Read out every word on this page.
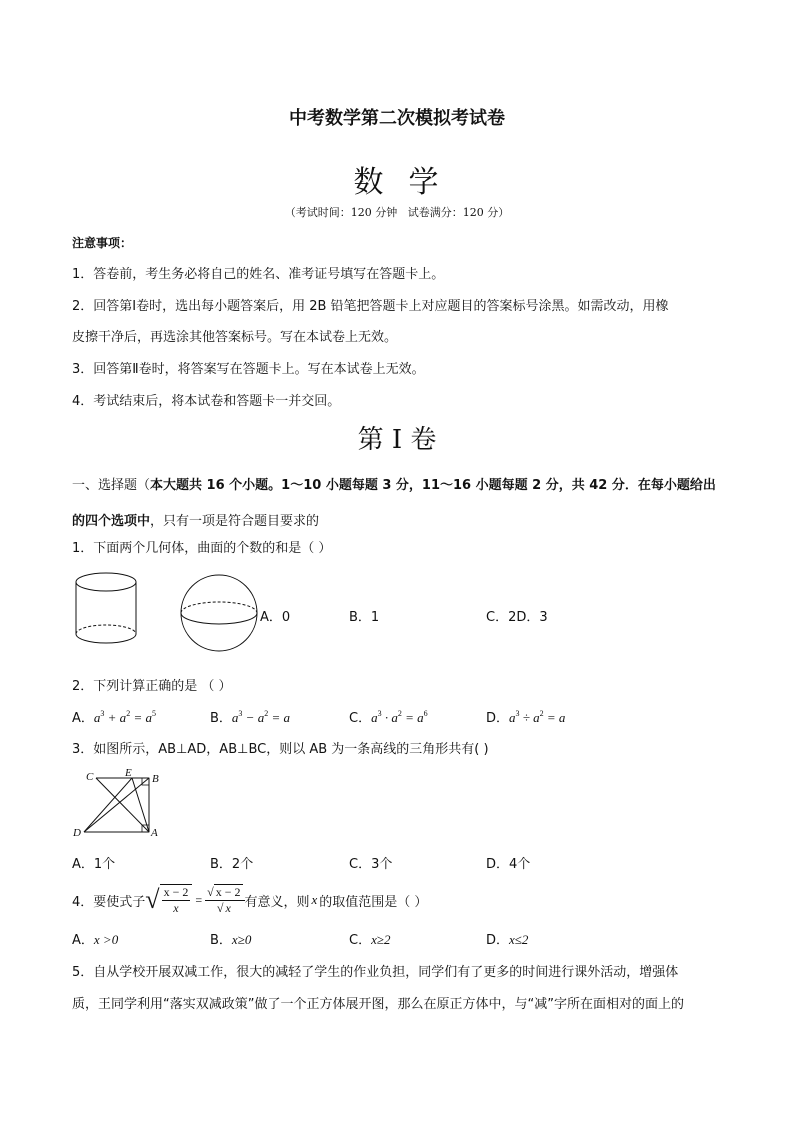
中考数学第二次模拟考试卷
数  学
（考试时间：120 分钟   试卷满分：120 分）
注意事项：
1．答卷前，考生务必将自己的姓名、准考证号填写在答题卡上。
2．回答第Ⅰ卷时，选出每小题答案后，用 2B 铅笔把答题卡上对应题目的答案标号涂黑。如需改动，用橡
皮擦干净后，再选涂其他答案标号。写在本试卷上无效。
3．回答第Ⅱ卷时，将答案写在答题卡上。写在本试卷上无效。
4．考试结束后，将本试卷和答题卡一并交回。
第 I 卷
一、选择题（本大题共 16 个小题。1～10 小题每题 3 分，11～16 小题每题 2 分，共 42 分．在每小题给出
的四个选项中，只有一项是符合题目要求的
1．下面两个几何体，曲面的个数的和是（ ）
A．0	B．1	C．2D．3
2．下列计算正确的是 （ ）
A．$a^3 + a^2 = a^5$	B．$a^3 - a^2 = a$	C．$a^3 \cdot a^2 = a^6$	D．$a^3 \div a^2 = a$
3．如图所示，AB⊥AD，AB⊥BC，则以 AB 为一条高线的三角形共有( )
C	E B
D	A
A．1个	B．2个	C．3个	D．4个
4．要使式子 √ $\frac{x - 2}{x} = \frac{√ x - 2}{√ x}$ 有意义，则 x 的取值范围是（ ）
A．x >0	B．x≥0	C．x≥2	D．x≤2
5．自从学校开展双减工作，很大的减轻了学生的作业负担，同学们有了更多的时间进行课外活动，增强体
质，王同学利用“落实双减政策”做了一个正方体展开图，那么在原正方体中，与“减”字所在面相对的面上的
